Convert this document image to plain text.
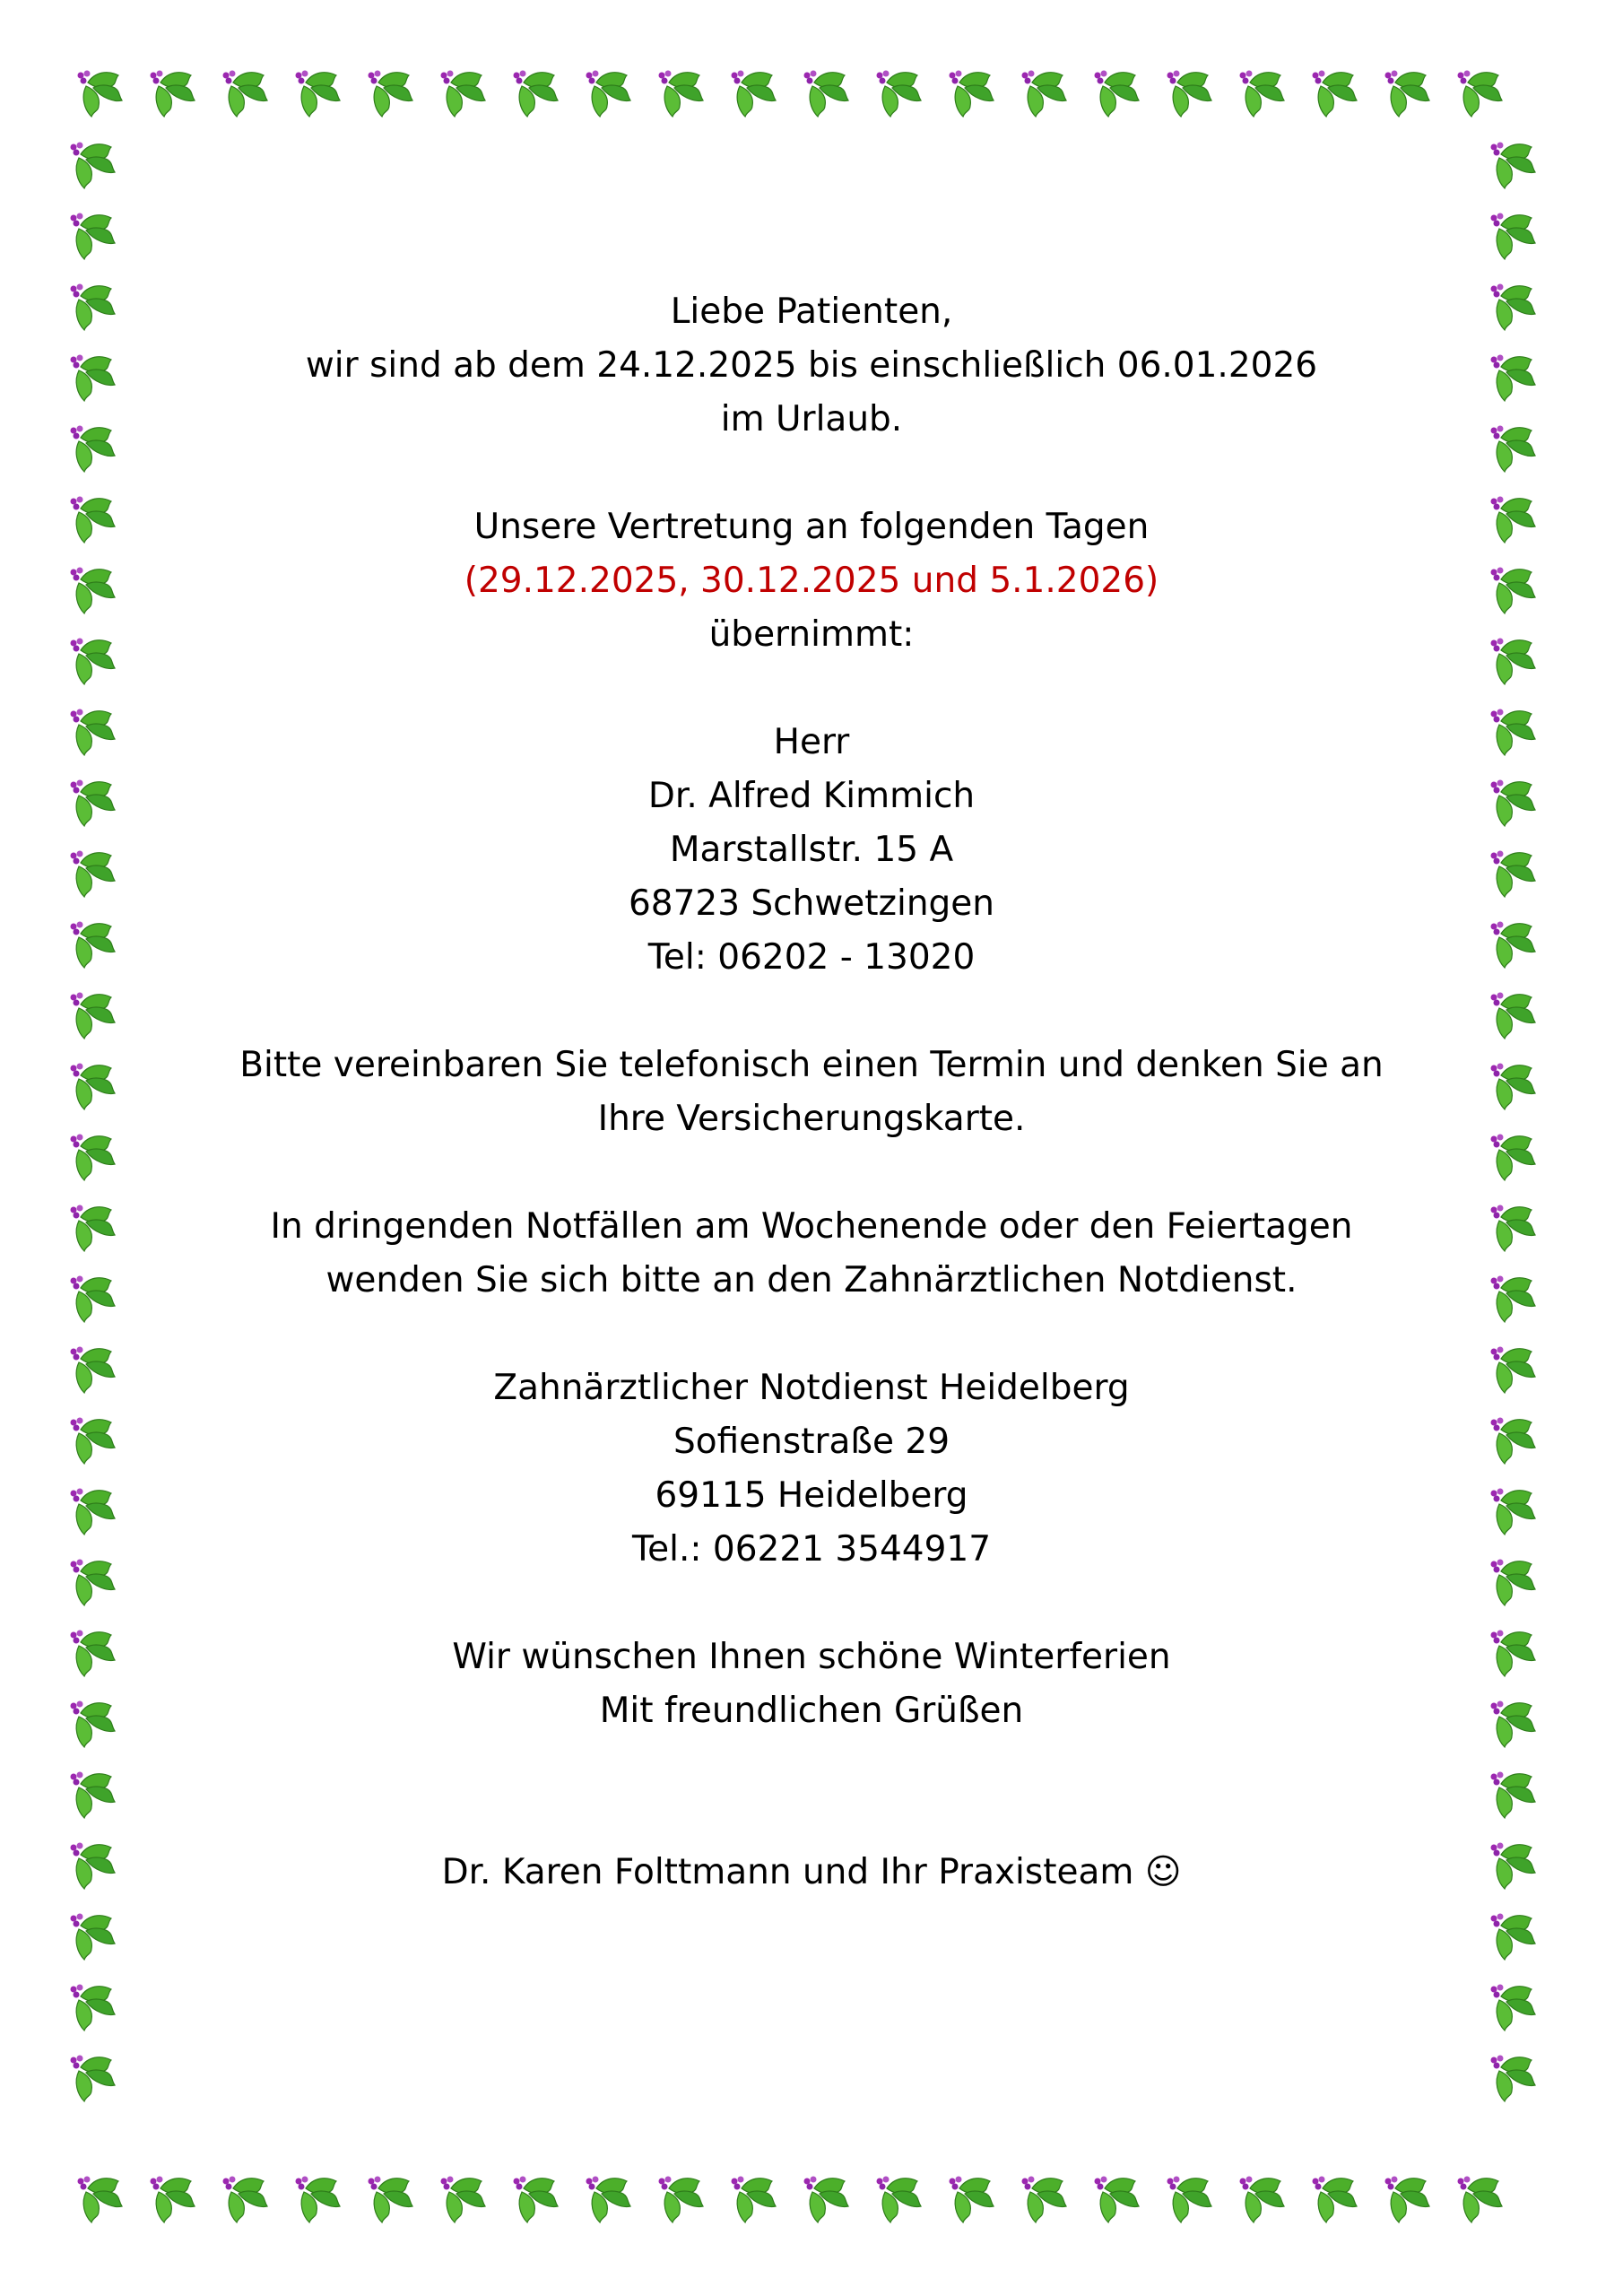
Liebe Patienten,
wir sind ab dem 24.12.2025 bis einschließlich 06.01.2026
im Urlaub.

Unsere Vertretung an folgenden Tagen
(29.12.2025, 30.12.2025 und 5.1.2026)
übernimmt:

Herr
Dr. Alfred Kimmich
Marstallstr. 15 A
68723 Schwetzingen
Tel: 06202 - 13020

Bitte vereinbaren Sie telefonisch einen Termin und denken Sie an
Ihre Versicherungskarte.

In dringenden Notfällen am Wochenende oder den Feiertagen
wenden Sie sich bitte an den Zahnärztlichen Notdienst.

Zahnärztlicher Notdienst Heidelberg
Sofienstraße 29
69115 Heidelberg
Tel.: 06221 3544917

Wir wünschen Ihnen schöne Winterferien
Mit freundlichen Grüßen

Dr. Karen Folttmann und Ihr Praxisteam ☺
